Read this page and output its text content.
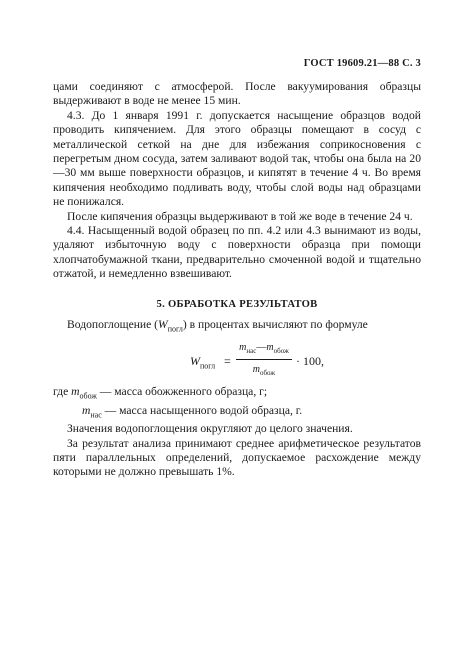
ГОСТ 19609.21—88 С. 3

цами соединяют с атмосферой. После вакуумирования образцы выдерживают в воде не менее 15 мин.

4.3. До 1 января 1991 г. допускается насыщение образцов водой проводить кипячением. Для этого образцы помещают в сосуд с металлической сеткой на дне для избежания соприкосновения с перегретым дном сосуда, затем заливают водой так, чтобы она была на 20—30 мм выше поверхности образцов, и кипятят в течение 4 ч. Во время кипячения необходимо подливать воду, чтобы слой воды над образцами не понижался.

После кипячения образцы выдерживают в той же воде в течение 24 ч.

4.4. Насыщенный водой образец по пп. 4.2 или 4.3 вынимают из воды, удаляют избыточную воду с поверхности образца при помощи хлопчатобумажной ткани, предварительно смоченной водой и тщательно отжатой, и немедленно взвешивают.

5. ОБРАБОТКА РЕЗУЛЬТАТОВ

Водопоглощение $(W_{погл})$ в процентах вычисляют по формуле

$W_{погл}$ =
$m_{нас}—m_{обож}$
$m_{обож}$
· 100,

где $m_{обож}$ — масса обожженного образца, г;

$m_{нас}$ — масса насыщенного водой образца, г.

Значения водопоглощения округляют до целого значения.

За результат анализа принимают среднее арифметическое результатов пяти параллельных определений, допускаемое расхождение между которыми не должно превышать 1%.
